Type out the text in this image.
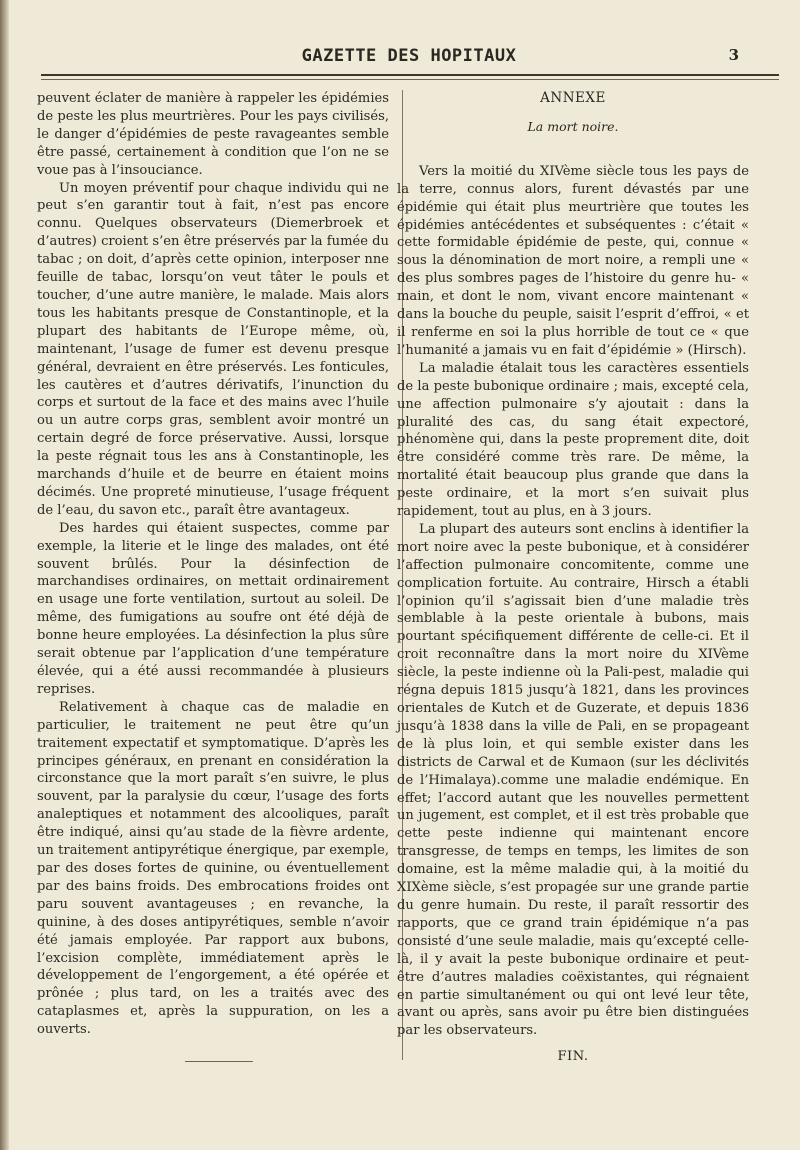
GAZETTE DES HOPITAUX	3

peuvent éclater de manière à rappeler les épidémies de peste les plus meurtrières. Pour les pays civilisés, le danger d’épidémies de peste ravageantes semble être passé, certainement à condition que l’on ne se voue pas à l’insouciance.

Un moyen préventif pour chaque individu qui ne peut s’en garantir tout à fait, n’est pas encore connu. Quelques observateurs (Diemerbroek et d’autres) croient s’en être préservés par la fumée du tabac ; on doit, d’après cette opinion, interposer nne feuille de tabac, lorsqu’on veut tâter le pouls et toucher, d’une autre manière, le malade. Mais alors tous les habitants presque de Constantinople, et la plupart des habitants de l’Europe même, où, maintenant, l’usage de fumer est devenu presque général, devraient en être préservés. Les fonticules, les cautères et d’autres dérivatifs, l’inunction du corps et surtout de la face et des mains avec l’huile ou un autre corps gras, semblent avoir montré un certain degré de force préservative. Aussi, lorsque la peste régnait tous les ans à Constantinople, les marchands d’huile et de beurre en étaient moins décimés. Une propreté minutieuse, l’usage fréquent de l’eau, du savon etc., paraît être avantageux.

Des hardes qui étaient suspectes, comme par exemple, la literie et le linge des malades, ont été souvent brûlés. Pour la désinfection de marchandises ordinaires, on mettait ordinairement en usage une forte ventilation, surtout au soleil. De même, des fumigations au soufre ont été déjà de bonne heure employées. La désinfection la plus sûre serait obtenue par l’application d’une température élevée, qui a été aussi recommandée à plusieurs reprises.

Relativement à chaque cas de maladie en particulier, le traitement ne peut être qu’un traitement expectatif et symptomatique. D’après les principes généraux, en prenant en considération la circonstance que la mort paraît s’en suivre, le plus souvent, par la paralysie du cœur, l’usage des forts analeptiques et notamment des alcooliques, paraît être indiqué, ainsi qu’au stade de la fièvre ardente, un traitement antipyrétique énergique, par exemple, par des doses fortes de quinine, ou éventuellement par des bains froids. Des embrocations froides ont paru souvent avantageuses ; en revanche, la quinine, à des doses antipyrétiques, semble n’avoir été jamais employée. Par rapport aux bubons, l’excision complète, immédiatement après le développement de l’engorgement, a été opérée et prônée ; plus tard, on les a traités avec des cataplasmes et, après la suppuration, on les a ouverts.

ANNEXE
La mort noire.

Vers la moitié du XIVème siècle tous les pays de la terre, connus alors, furent dévastés par une épidémie qui était plus meurtrière que toutes les épidémies antécédentes et subséquentes : c’était « cette formidable épidémie de peste, qui, connue « sous la dénomination de mort noire, a rempli une « des plus sombres pages de l’histoire du genre hu- « main, et dont le nom, vivant encore maintenant « dans la bouche du peuple, saisit l’esprit d’effroi, « et il renferme en soi la plus horrible de tout ce « que l’humanité a jamais vu en fait d’épidémie » (Hirsch).

La maladie étalait tous les caractères essentiels de la peste bubonique ordinaire ; mais, excepté cela, une affection pulmonaire s’y ajoutait : dans la pluralité des cas, du sang était expectoré, phénomène qui, dans la peste proprement dite, doit être considéré comme très rare. De même, la mortalité était beaucoup plus grande que dans la peste ordinaire, et la mort s’en suivait plus rapidement, tout au plus, en à 3 jours.

La plupart des auteurs sont enclins à identifier la mort noire avec la peste bubonique, et à considérer l’affection pulmonaire concomitente, comme une complication fortuite. Au contraire, Hirsch a établi l’opinion qu’il s’agissait bien d’une maladie très semblable à la peste orientale à bubons, mais pourtant spécifiquement différente de celle-ci. Et il croit reconnaître dans la mort noire du XIVème siècle, la peste indienne où la Pali-pest, maladie qui régna depuis 1815 jusqu’à 1821, dans les provinces orientales de Kutch et de Guzerate, et depuis 1836 jusqu’à 1838 dans la ville de Pali, en se propageant de là plus loin, et qui semble exister dans les districts de Carwal et de Kumaon (sur les déclivités de l’Himalaya).comme une maladie endémique. En effet; l’accord autant que les nouvelles permettent un jugement, est complet, et il est très probable que cette peste indienne qui maintenant encore transgresse, de temps en temps, les limites de son domaine, est la même maladie qui, à la moitié du XIXème siècle, s’est propagée sur une grande partie du genre humain. Du reste, il paraît ressortir des rapports, que ce grand train épidémique n’a pas consisté d’une seule maladie, mais qu’excepté celle-là, il y avait la peste bubonique ordinaire et peut-être d’autres maladies coëxistantes, qui régnaient en partie simultanément ou qui ont levé leur tête, avant ou après, sans avoir pu être bien distinguées par les observateurs.

FIN.
